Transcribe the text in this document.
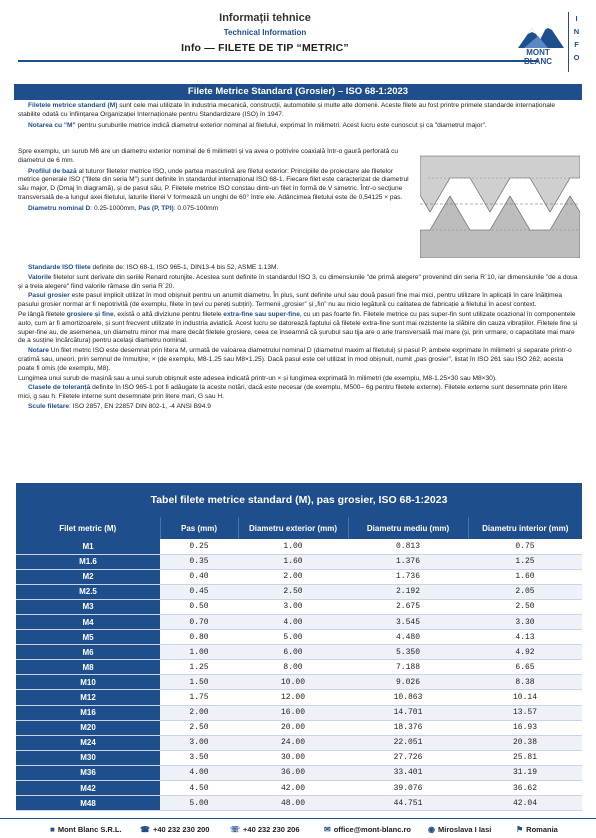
Informații tehnice
Technical Information
Info — FILETE DE TIP “METRIC”	MONT
BLANC
I
N
F
O
Filete Metrice Standard (Grosier) – ISO 68-1:2023

Filetele metrice standard (M) sunt cele mai utilizate în industria mecanică, construcții, automobile și multe alte domenii. Aceste filete au fost printre primele standarde internaționale stabilite odată cu înființarea Organizației Internaționale pentru Standardizare (ISO) în 1947.

Notarea cu "M" pentru șuruburile metrice indică diametrul exterior nominal al filetului, exprimat în milimetri. Acest lucru este cunoscut și ca "diametrul major".

Spre exemplu, un surub M6 are un diametru exterior nominal de 6 milimetri și va avea o potrivire coaxială într-o gaură perforată cu diametrul de 6 mm.

Profilul de bază al tuturor filetelor metrice ISO, unde partea masculină are filetul exterior: Principiile de proiectare ale filetelor metrice generale ISO ("filete din seria M") sunt definite în standardul internațional ISO 68-1. Fiecare filet este caracterizat de diametrul său major, D (Dmaj în diagramă), și de pasul său, P. Filetele metrice ISO constau dintr-un filet în formă de V simetric. Într-o secțiune transversală de-a lungul axei filetului, laturile literei V formează un unghi de 60° între ele. Adâncimea filetului este de 0,54125 × pas.

Diametru nominal D: 0.25-1000mm, Pas (P, TPI): 0.075-100mm

Standarde ISO filete definite de: ISO 68-1, ISO 965-1, DIN13-4 bis 52, ASME 1.13M.

Valorile filetelor sunt derivate din seriile Renard rotunjite. Acestea sunt definite în standardul ISO 3, cu dimensiunile "de primă alegere" provenind din seria R´10, iar dimensiunile "de a doua și a treia alegere" fiind valorile rămase din seria R´20.

Pasul grosier este pasul implicit utilizat în mod obișnuit pentru un anumit diametru. În plus, sunt definite unul sau două pasuri fine mai mici, pentru utilizare în aplicații în care înălțimea pasului grosier normal ar fi nepotrivită (de exemplu, filete în țevi cu pereți subțiri). Termenii „grosier” și „fin” nu au nicio legătură cu calitatea de fabricație a filetului în acest context.

Pe lângă filetele grosiere și fine, există o altă diviziune pentru filetele extra-fine sau super-fine, cu un pas foarte fin. Filetele metrice cu pas super-fin sunt utilizate ocazional în componentele auto, cum ar fi amortizoarele, și sunt frecvent utilizate în industria aviatică. Acest lucru se datorează faptului că filetele extra-fine sunt mai rezistente la slăbire din cauza vibrațiilor. Filetele fine și super-fine au, de asemenea, un diametru minor mai mare decât filetele grosiere, ceea ce înseamnă că șurubul sau tija are o arie transversală mai mare (și, prin urmare, o capacitate mai mare de a susține încărcătura) pentru același diametru nominal.

Notare Un filet metric ISO este desemnat prin litera M, urmată de valoarea diametrului nominal D (diametrul maxim al filetului) și pasul P, ambele exprimate în milimetri și separate printr-o cratimă sau, uneori, prin semnul de înmulțire, × (de exemplu, M8-1.25 sau M8×1.25). Dacă pasul este cel utilizat în mod obișnuit, numit „pas grosier”, listat în ISO 261 sau ISO 262, acesta poate fi omis (de exemplu, M8).

Lungimea unui surub de mașină sau a unui surub obișnuit este adesea indicată printr-un × și lungimea exprimată în milimetri (de exemplu, M8-1.25×30 sau M8×30).

Clasele de toleranță definite în ISO 965-1 pot fi adăugate la aceste notări, dacă este necesar (de exemplu, M500– 6g pentru filetele externe). Filetele externe sunt desemnate prin litere mici, g sau h. Filetele interne sunt desemnate prin litere mari, G sau H.

Scule filetare: ISO 2857, EN 22857 DIN 802-1, -4 ANSI B94.9

Tabel filete metrice standard (M), pas grosier, ISO 68-1:2023
Filet metric (M)	Pas (mm)	Diametru exterior (mm)	Diametru mediu (mm)	Diametru interior (mm)
M1	0.25	1.00	0.813	0.75
M1.6	0.35	1.60	1.376	1.25
M2	0.40	2.00	1.736	1.60
M2.5	0.45	2.50	2.192	2.05
M3	0.50	3.00	2.675	2.50
M4	0.70	4.00	3.545	3.30
M5	0.80	5.00	4.480	4.13
M6	1.00	6.00	5.350	4.92
M8	1.25	8.00	7.188	6.65
M10	1.50	10.00	9.026	8.38
M12	1.75	12.00	10.863	10.14
M16	2.00	16.00	14.701	13.57
M20	2.50	20.00	18.376	16.93
M24	3.00	24.00	22.051	20.38
M30	3.50	30.00	27.726	25.81
M36	4.00	36.00	33.401	31.19
M42	4.50	42.00	39.076	36.62
M48	5.00	48.00	44.751	42.04
■ Mont Blanc S.R.L. ☎ +40 232 230 200	☏ +40 232 230 206	✉ office@mont-blanc.ro ◉ Miroslava I Iasi	⚑ Romania
